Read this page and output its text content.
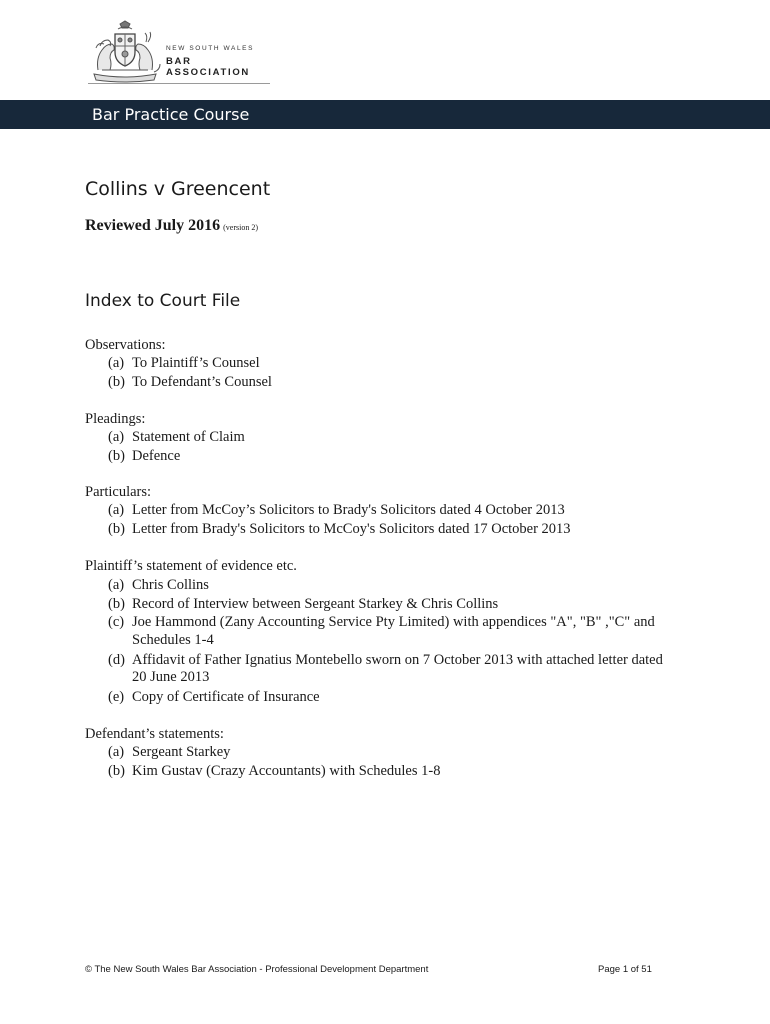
NEW SOUTH WALES
BAR ASSOCIATION
Bar Practice Course
Collins v Greencent
Reviewed July 2016 (version 2)
Index to Court File
Observations:
(a) To Plaintiff’s Counsel
(b) To Defendant’s Counsel
Pleadings:
(a) Statement of Claim
(b) Defence
Particulars:
(a) Letter from McCoy’s Solicitors to Brady's Solicitors dated 4 October 2013
(b) Letter from Brady's Solicitors to McCoy's Solicitors dated 17 October 2013
Plaintiff’s statement of evidence etc.
(a) Chris Collins
(b) Record of Interview between Sergeant Starkey & Chris Collins
(c) Joe Hammond (Zany Accounting Service Pty Limited) with appendices "A", "B" ,"C" and
Schedules 1-4
(d) Affidavit of Father Ignatius Montebello sworn on 7 October 2013 with attached letter dated
20 June 2013
(e) Copy of Certificate of Insurance
Defendant’s statements:
(a) Sergeant Starkey
(b) Kim Gustav (Crazy Accountants) with Schedules 1-8
© The New South Wales Bar Association - Professional Development Department	Page 1 of 51
